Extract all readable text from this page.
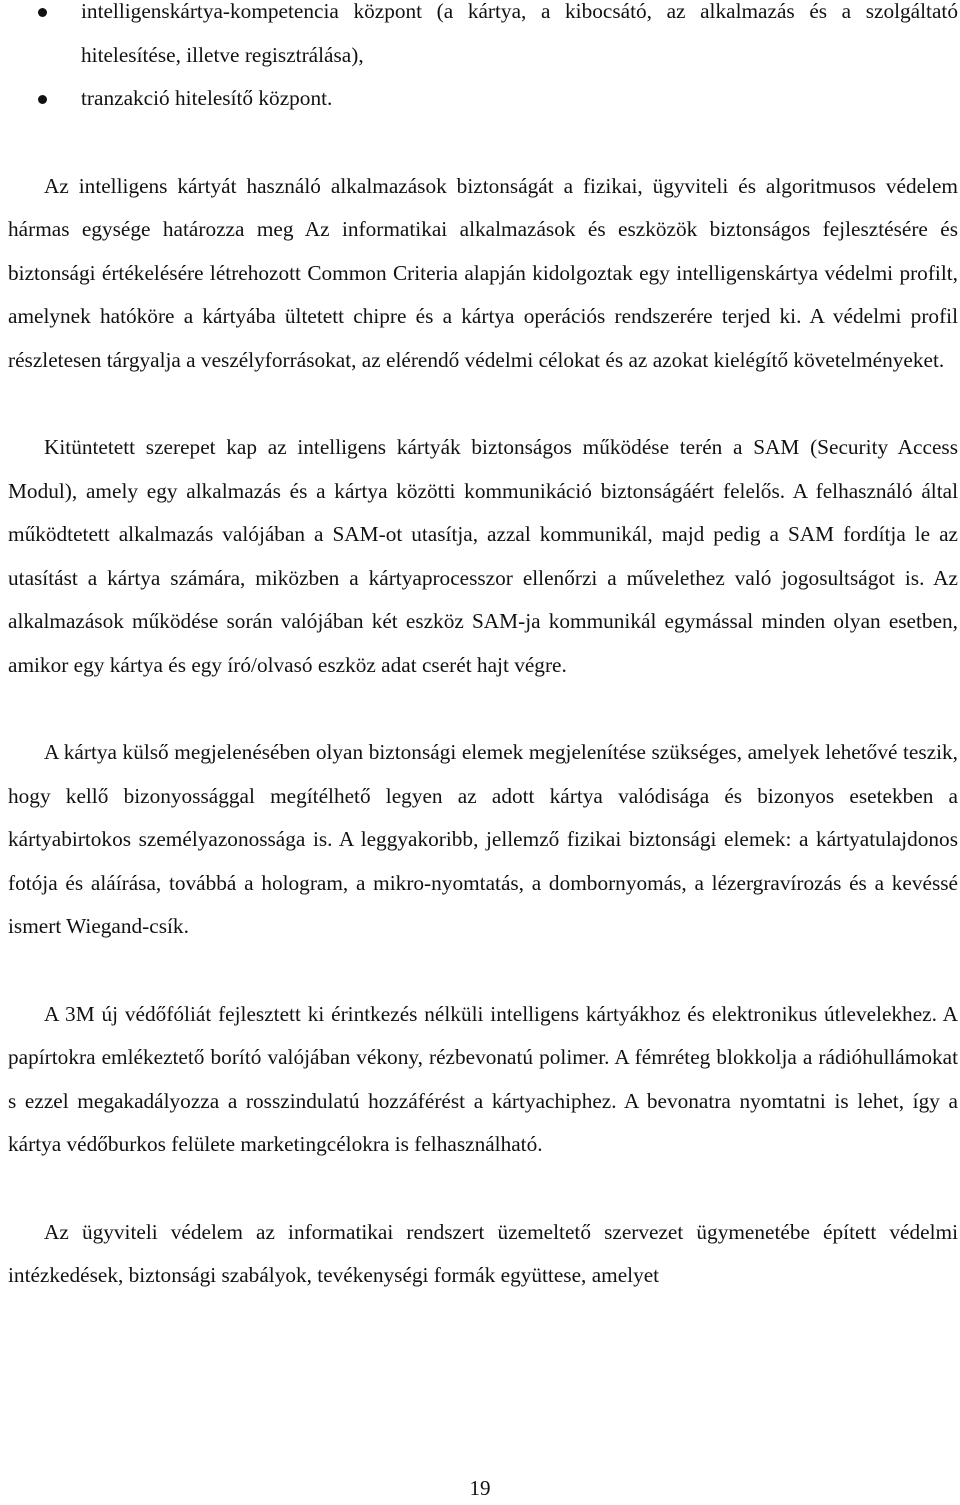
intelligenskártya-kompetencia központ (a kártya, a kibocsátó, az alkalmazás és a szolgáltató hitelesítése, illetve regisztrálása),
tranzakció hitelesítő központ.

Az intelligens kártyát használó alkalmazások biztonságát a fizikai, ügyviteli és algoritmusos védelem hármas egysége határozza meg Az informatikai alkalmazások és eszközök biztonságos fejlesztésére és biztonsági értékelésére létrehozott Common Criteria alapján kidolgoztak egy intelligenskártya védelmi profilt, amelynek hatóköre a kártyába ültetett chipre és a kártya operációs rendszerére terjed ki. A védelmi profil részletesen tárgyalja a veszélyforrásokat, az elérendő védelmi célokat és az azokat kielégítő követelményeket.

Kitüntetett szerepet kap az intelligens kártyák biztonságos működése terén a SAM (Security Access Modul), amely egy alkalmazás és a kártya közötti kommunikáció biztonságáért felelős. A felhasználó által működtetett alkalmazás valójában a SAM-ot utasítja, azzal kommunikál, majd pedig a SAM fordítja le az utasítást a kártya számára, miközben a kártyaprocesszor ellenőrzi a művelethez való jogosultságot is. Az alkalmazások működése során valójában két eszköz SAM-ja kommunikál egymással minden olyan esetben, amikor egy kártya és egy író/olvasó eszköz adat cserét hajt végre.

A kártya külső megjelenésében olyan biztonsági elemek megjelenítése szükséges, amelyek lehetővé teszik, hogy kellő bizonyossággal megítélhető legyen az adott kártya valódisága és bizonyos esetekben a kártyabirtokos személyazonossága is. A leggyakoribb, jellemző fizikai biztonsági elemek: a kártyatulajdonos fotója és aláírása, továbbá a hologram, a mikro-nyomtatás, a dombornyomás, a lézergravírozás és a kevéssé ismert Wiegand-csík.

A 3M új védőfóliát fejlesztett ki érintkezés nélküli intelligens kártyákhoz és elektronikus útlevelekhez. A papírtokra emlékeztető borító valójában vékony, rézbevonatú polimer. A fémréteg blokkolja a rádióhullámokat s ezzel megakadályozza a rosszindulatú hozzáférést a kártyachiphez. A bevonatra nyomtatni is lehet, így a kártya védőburkos felülete marketingcélokra is felhasználható.

Az ügyviteli védelem az informatikai rendszert üzemeltető szervezet ügymenetébe épített védelmi intézkedések, biztonsági szabályok, tevékenységi formák együttese, amelyet

19
